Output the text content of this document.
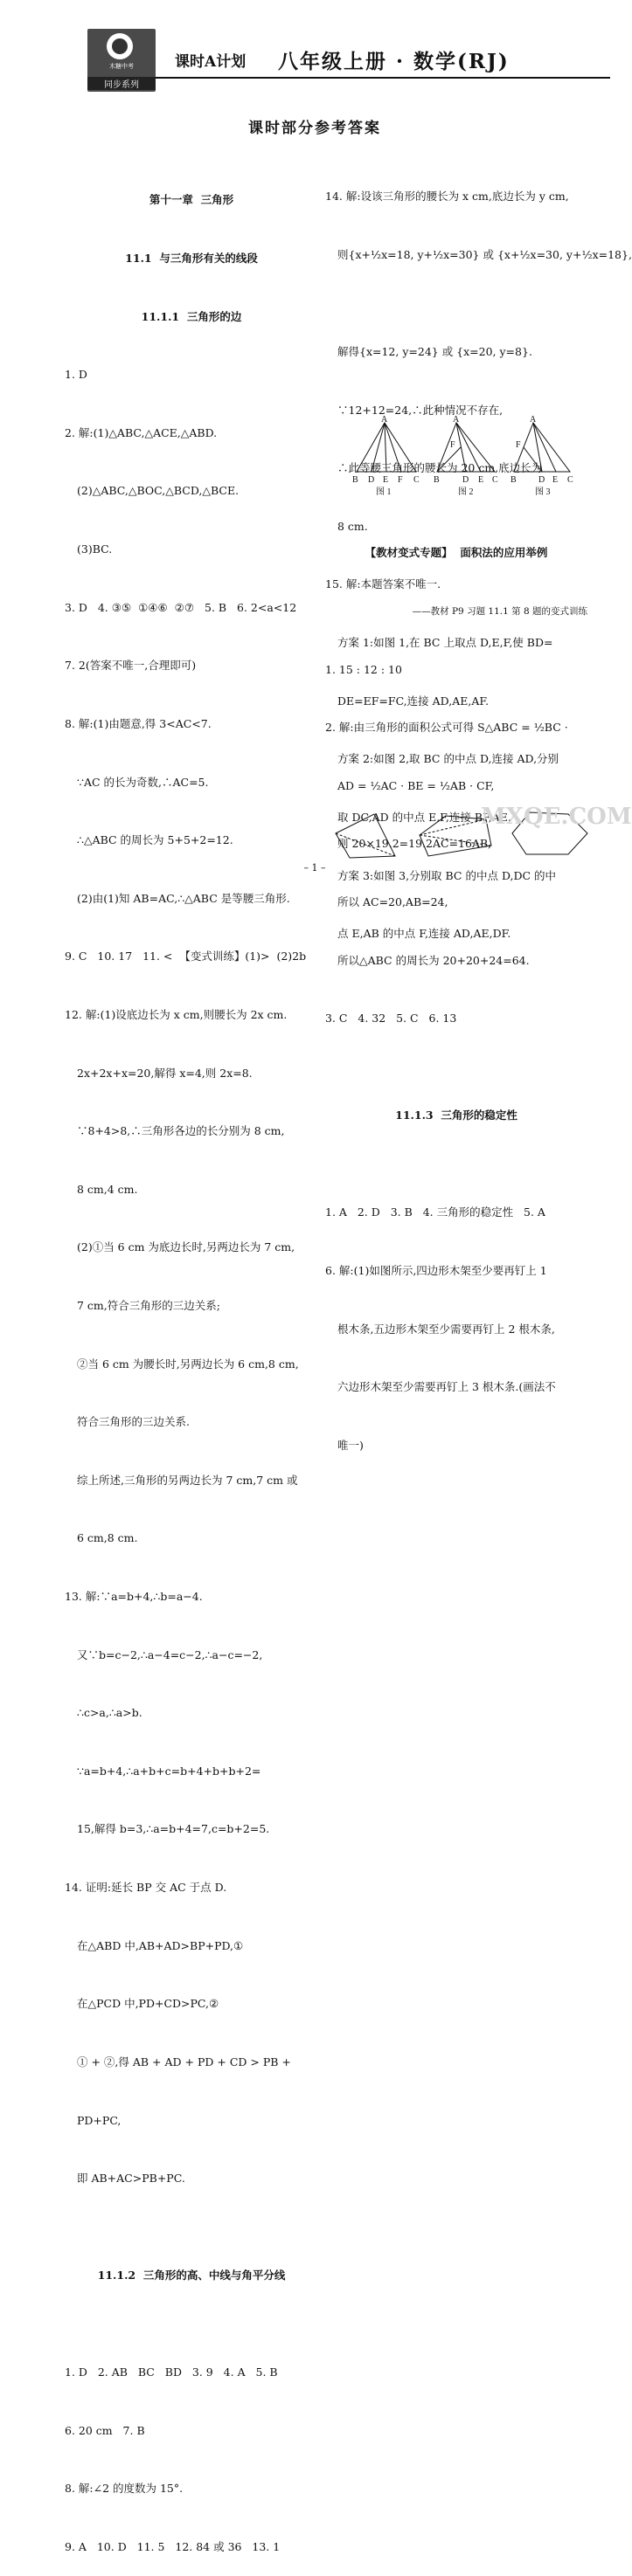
木糖中考
同步系列
课时A计划 八年级上册 · 数学(RJ)
课时部分参考答案

第十一章  三角形

11.1  与三角形有关的线段

11.1.1  三角形的边

1. D

2. 解:(1)△ABC,△ACE,△ABD.

(2)△ABC,△BOC,△BCD,△BCE.

(3)BC.

3. D   4. ③⑤  ①④⑥  ②⑦   5. B   6. 2<a<12

7. 2(答案不唯一,合理即可)

8. 解:(1)由题意,得 3<AC<7.

∵AC 的长为奇数,∴AC=5.

∴△ABC 的周长为 5+5+2=12.

(2)由(1)知 AB=AC,∴△ABC 是等腰三角形.

9. C   10. 17   11. <  【变式训练】(1)>  (2)2b

12. 解:(1)设底边长为 x cm,则腰长为 2x cm.

2x+2x+x=20,解得 x=4,则 2x=8.

∵8+4>8,∴三角形各边的长分别为 8 cm,

8 cm,4 cm.

(2)①当 6 cm 为底边长时,另两边长为 7 cm,

7 cm,符合三角形的三边关系;

②当 6 cm 为腰长时,另两边长为 6 cm,8 cm,

符合三角形的三边关系.

综上所述,三角形的另两边长为 7 cm,7 cm 或

6 cm,8 cm.

13. 解:∵a=b+4,∴b=a−4.

又∵b=c−2,∴a−4=c−2,∴a−c=−2,

∴c>a,∴a>b.

∵a=b+4,∴a+b+c=b+4+b+b+2=

15,解得 b=3,∴a=b+4=7,c=b+2=5.

14. 证明:延长 BP 交 AC 于点 D.

在△ABD 中,AB+AD>BP+PD,①

在△PCD 中,PD+CD>PC,②

① + ②,得 AB + AD + PD + CD > PB +

PD+PC,

即 AB+AC>PB+PC.

11.1.2  三角形的高、中线与角平分线

1. D   2. AB   BC   BD   3. 9   4. A   5. B

6. 20 cm   7. B

8. 解:∠2 的度数为 15°.

9. A   10. D   11. 5   12. 84 或 36   13. 1

14. 解:设该三角形的腰长为 x cm,底边长为 y cm,

则{x+½x=18, y+½x=30} 或 {x+½x=30, y+½x=18},

解得{x=12, y=24} 或 {x=20, y=8}.

∵12+12=24,∴此种情况不存在,

∴此等腰三角形的腰长为 20 cm,底边长为

8 cm.

15. 解:本题答案不唯一.

方案 1:如图 1,在 BC 上取点 D,E,F,使 BD=

DE=EF=FC,连接 AD,AE,AF.

方案 2:如图 2,取 BC 的中点 D,连接 AD,分别

取 DC,AD 的中点 E,F,连接 BF,AE.

方案 3:如图 3,分别取 BC 的中点 D,DC 的中

点 E,AB 的中点 F,连接 AD,AE,DF.

A
B D E F C
A
F
B	D E C
A
F
B	D E C
图 1	图 2	图 3

【教材变式专题】  面积法的应用举例

——教材 P9 习题 11.1 第 8 题的变式训练

1. 15 : 12 : 10

2. 解:由三角形的面积公式可得 S△ABC = ½BC ·

AD = ½AC · BE = ½AB · CF,

则 20×19.2=19.2AC=16AB,

所以 AC=20,AB=24,

所以△ABC 的周长为 20+20+24=64.

3. C   4. 32   5. C   6. 13

11.1.3  三角形的稳定性

1. A   2. D   3. B   4. 三角形的稳定性   5. A

6. 解:(1)如图所示,四边形木架至少要再钉上 1

根木条,五边形木架至少需要再钉上 2 根木条,

六边形木架至少需要再钉上 3 根木条.(画法不

唯一)

MXQE.COM
– 1 –
